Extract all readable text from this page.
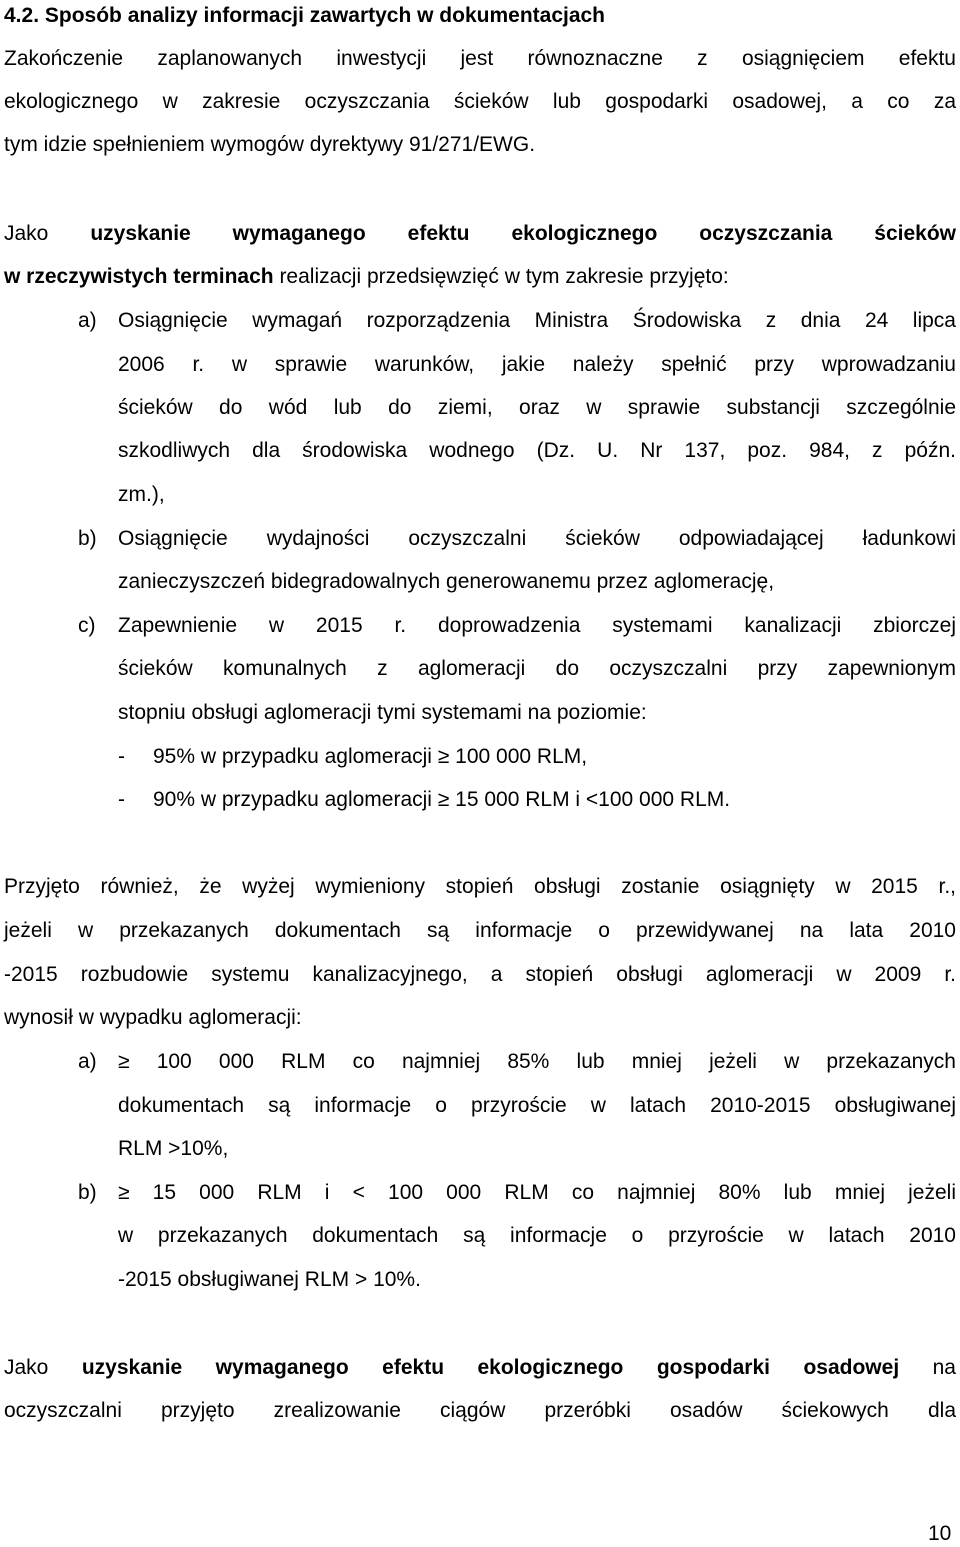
4.2. Sposób analizy informacji zawartych w dokumentacjach
Zakończenie zaplanowanych inwestycji jest równoznaczne z osiągnięciem efektu
ekologicznego w zakresie oczyszczania ścieków lub gospodarki osadowej, a co za
tym idzie spełnieniem wymogów dyrektywy 91/271/EWG.
Jako uzyskanie wymaganego efektu ekologicznego oczyszczania ścieków
w rzeczywistych terminach realizacji przedsięwzięć w tym zakresie przyjęto:
a) Osiągnięcie wymagań rozporządzenia Ministra Środowiska z dnia 24 lipca
2006 r. w sprawie warunków, jakie należy spełnić przy wprowadzaniu
ścieków do wód lub do ziemi, oraz w sprawie substancji szczególnie
szkodliwych dla środowiska wodnego (Dz. U. Nr 137, poz. 984, z późn.
zm.),
b) Osiągnięcie wydajności oczyszczalni ścieków odpowiadającej ładunkowi
zanieczyszczeń bidegradowalnych generowanemu przez aglomerację,
c) Zapewnienie w 2015 r. doprowadzenia systemami kanalizacji zbiorczej
ścieków komunalnych z aglomeracji do oczyszczalni przy zapewnionym
stopniu obsługi aglomeracji tymi systemami na poziomie:
- 95% w przypadku aglomeracji ≥ 100 000 RLM,
- 90% w przypadku aglomeracji ≥ 15 000 RLM i <100 000 RLM.
Przyjęto również, że wyżej wymieniony stopień obsługi zostanie osiągnięty w 2015 r.,
jeżeli w przekazanych dokumentach są informacje o przewidywanej na lata 2010
-2015 rozbudowie systemu kanalizacyjnego, a stopień obsługi aglomeracji w 2009 r.
wynosił w wypadku aglomeracji:
a) ≥ 100 000 RLM co najmniej 85% lub mniej jeżeli w przekazanych
dokumentach są informacje o przyroście w latach 2010-2015 obsługiwanej
RLM >10%,
b) ≥ 15 000 RLM i < 100 000 RLM co najmniej 80% lub mniej jeżeli
w przekazanych dokumentach są informacje o przyroście w latach 2010
-2015 obsługiwanej RLM > 10%.
Jako uzyskanie wymaganego efektu ekologicznego gospodarki osadowej na
oczyszczalni przyjęto zrealizowanie ciągów przeróbki osadów ściekowych dla
10
